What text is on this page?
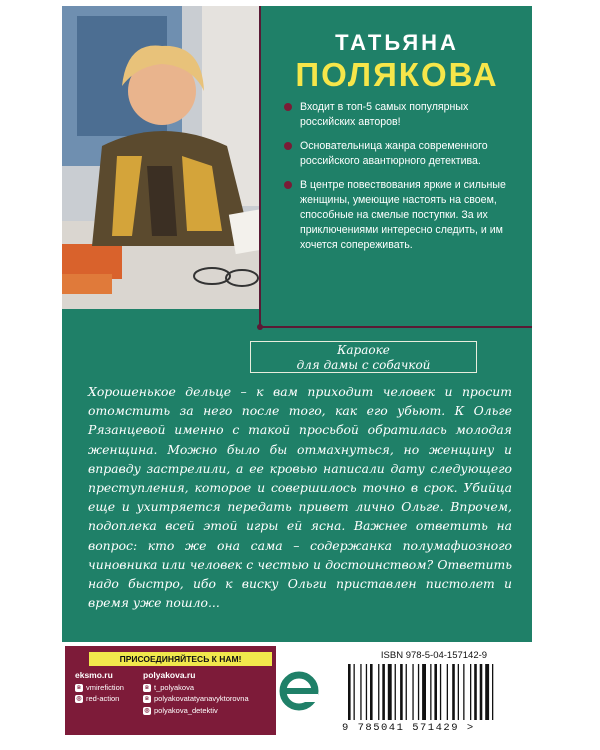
ТАТЬЯНА
ПОЛЯКОВА
Входит в топ-5 самых популярных российских авторов!
Основательница жанра современного российского авантюрного детектива.
В центре повествования яркие и сильные женщины, умеющие настоять на своем, способные на смелые поступки. За их приключениями интересно следить, и им хочется сопереживать.
Караоке
для дамы с собачкой

Хорошенькое дельце – к вам приходит человек и просит отомстить за него после того, как его убьют. К Ольге Рязанцевой именно с такой просьбой обратилась молодая женщина. Можно было бы отмахнуться, но женщину и вправду застрелили, а ее кровью написали дату следующего преступления, которое и совершилось точно в срок. Убийца еще и ухитряется передать привет лично Ольге. Впрочем, подоплека всей этой игры ей ясна. Важнее ответить на вопрос: кто же она сама – содержанка полумафиозного чиновника или человек с честью и достоинством? Ответить надо быстро, ибо к виску Ольги приставлен пистолет и время уже пошло...

ПРИСОЕДИНЯЙТЕСЬ К НАМ!
eksmo.ru
в vmirefiction
◎ red-action
polyakova.ru
в t_polyakova
в polyakovatatyanavyktorovna
◎ polyakova_detektiv
ISBN 978-5-04-157142-9
9 785041 571429 >
